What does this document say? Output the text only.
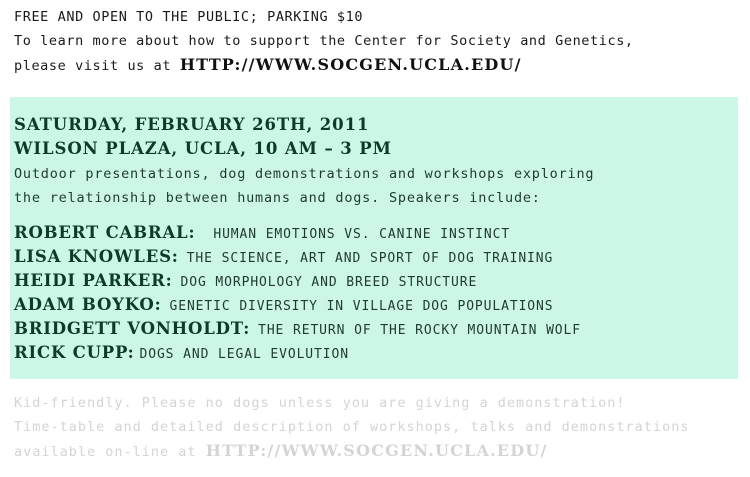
FREE AND OPEN TO THE PUBLIC; PARKING $10
To learn more about how to support the Center for Society and Genetics,
please visit us at HTTP://WWW.SOCGEN.UCLA.EDU/
SATURDAY, FEBRUARY 26TH, 2011
WILSON PLAZA, UCLA, 10 AM – 3 PM
Outdoor presentations, dog demonstrations and workshops exploring
the relationship between humans and dogs. Speakers include:
ROBERT CABRAL: HUMAN EMOTIONS VS. CANINE INSTINCT
LISA KNOWLES: THE SCIENCE, ART AND SPORT OF DOG TRAINING
HEIDI PARKER: DOG MORPHOLOGY AND BREED STRUCTURE
ADAM BOYKO: GENETIC DIVERSITY IN VILLAGE DOG POPULATIONS
BRIDGETT VONHOLDT: THE RETURN OF THE ROCKY MOUNTAIN WOLF
RICK CUPP: DOGS AND LEGAL EVOLUTION
Kid-friendly. Please no dogs unless you are giving a demonstration!
Time-table and detailed description of workshops, talks and demonstrations
available on-line at HTTP://WWW.SOCGEN.UCLA.EDU/
